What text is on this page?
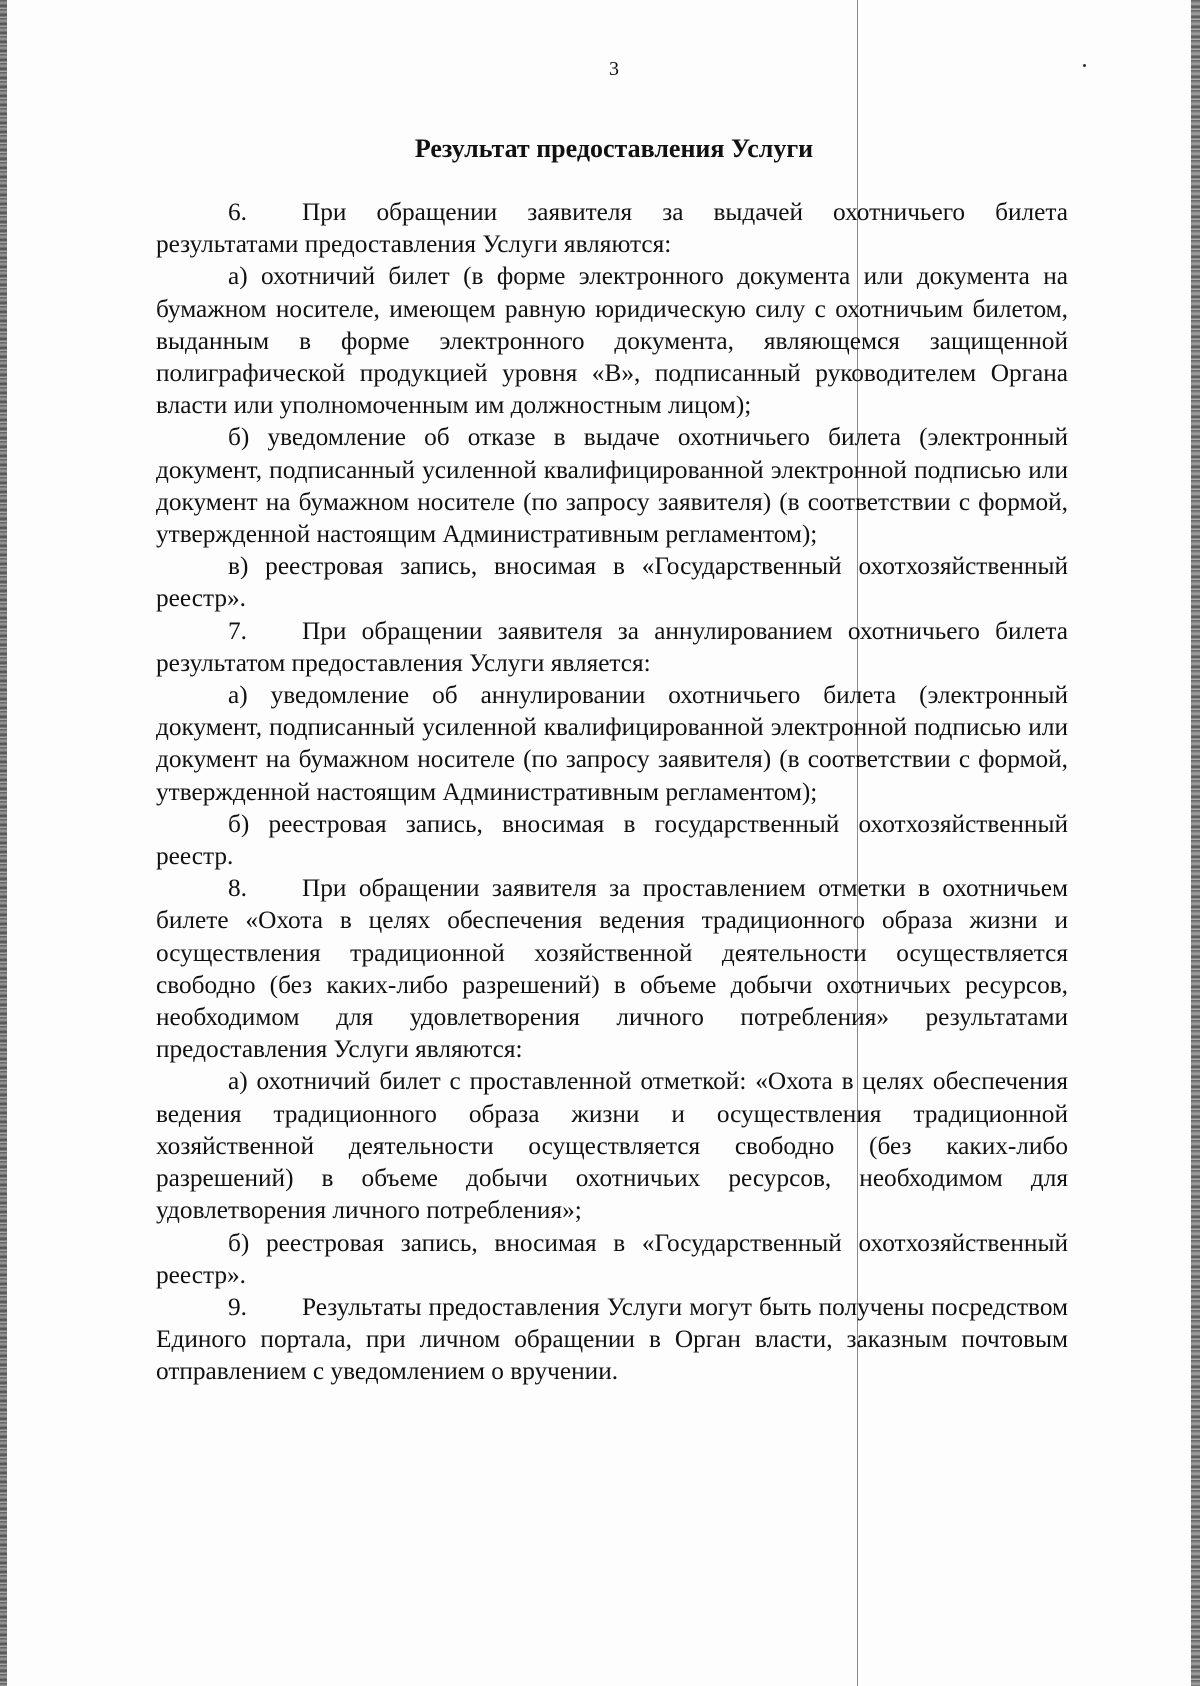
3
Результат предоставления Услуги

6. При обращении заявителя за выдачей охотничьего билета результатами предоставления Услуги являются:

а) охотничий билет (в форме электронного документа или документа на бумажном носителе, имеющем равную юридическую силу с охотничьим билетом, выданным в форме электронного документа, являющемся защищенной полиграфической продукцией уровня «В», подписанный руководителем Органа власти или уполномоченным им должностным лицом);

б) уведомление об отказе в выдаче охотничьего билета (электронный документ, подписанный усиленной квалифицированной электронной подписью или документ на бумажном носителе (по запросу заявителя) (в соответствии с формой, утвержденной настоящим Административным регламентом);

в) реестровая запись, вносимая в «Государственный охотхозяйственный реестр».

7. При обращении заявителя за аннулированием охотничьего билета результатом предоставления Услуги является:

а) уведомление об аннулировании охотничьего билета (электронный документ, подписанный усиленной квалифицированной электронной подписью или документ на бумажном носителе (по запросу заявителя) (в соответствии с формой, утвержденной настоящим Административным регламентом);

б) реестровая запись, вносимая в государственный охотхозяйственный реестр.

8. При обращении заявителя за проставлением отметки в охотничьем билете «Охота в целях обеспечения ведения традиционного образа жизни и осуществления традиционной хозяйственной деятельности осуществляется свободно (без каких-либо разрешений) в объеме добычи охотничьих ресурсов, необходимом для удовлетворения личного потребления» результатами предоставления Услуги являются:

а) охотничий билет с проставленной отметкой: «Охота в целях обеспечения ведения традиционного образа жизни и осуществления традиционной хозяйственной деятельности осуществляется свободно (без каких-либо разрешений) в объеме добычи охотничьих ресурсов, необходимом для удовлетворения личного потребления»;

б) реестровая запись, вносимая в «Государственный охотхозяйственный реестр».

9. Результаты предоставления Услуги могут быть получены посредством Единого портала, при личном обращении в Орган власти, заказным почтовым отправлением с уведомлением о вручении.
